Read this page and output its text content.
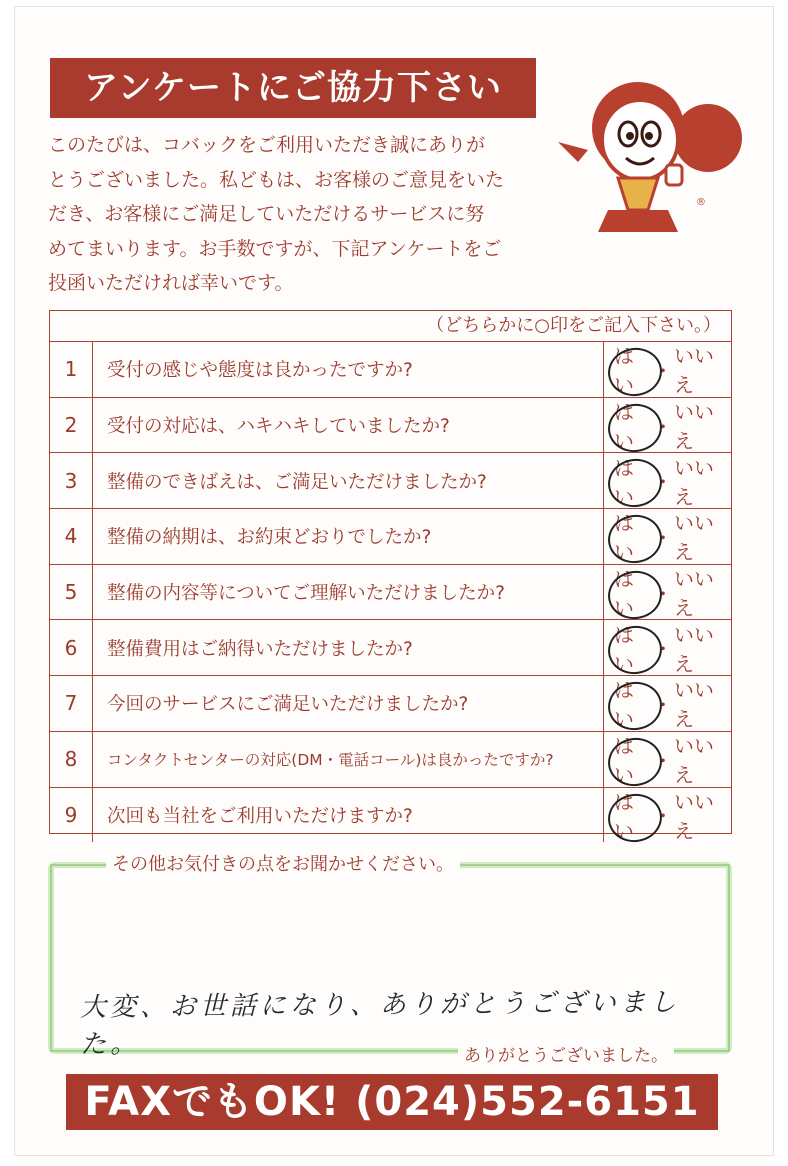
アンケートにご協力下さい
このたびは、コバックをご利用いただき誠にありが
とうございました。私どもは、お客様のご意見をいた
だき、お客様にご満足していただけるサービスに努
めてまいります。お手数ですが、下記アンケートをご
投函いただければ幸いです。
®
（どちらかに○印をご記入下さい。）
1	受付の感じや態度は良かったですか?
はい
・
いいえ
2	受付の対応は、ハキハキしていましたか?
はい
・
いいえ
3	整備のできばえは、ご満足いただけましたか?
はい
・
いいえ
4	整備の納期は、お約束どおりでしたか?
はい
・
いいえ
5	整備の内容等についてご理解いただけましたか?
はい
・
いいえ
6	整備費用はご納得いただけましたか?
はい
・
いいえ
7	今回のサービスにご満足いただけましたか?
はい
・
いいえ
8	コンタクトセンターの対応(DM・電話コール)は良かったですか?
はい
・
いいえ
9	次回も当社をご利用いただけますか?
はい
・
いいえ
その他お気付きの点をお聞かせください。
大変、お世話になり、ありがとうございました。	ありがとうございました。
FAXでもOK! (024)552-6151
